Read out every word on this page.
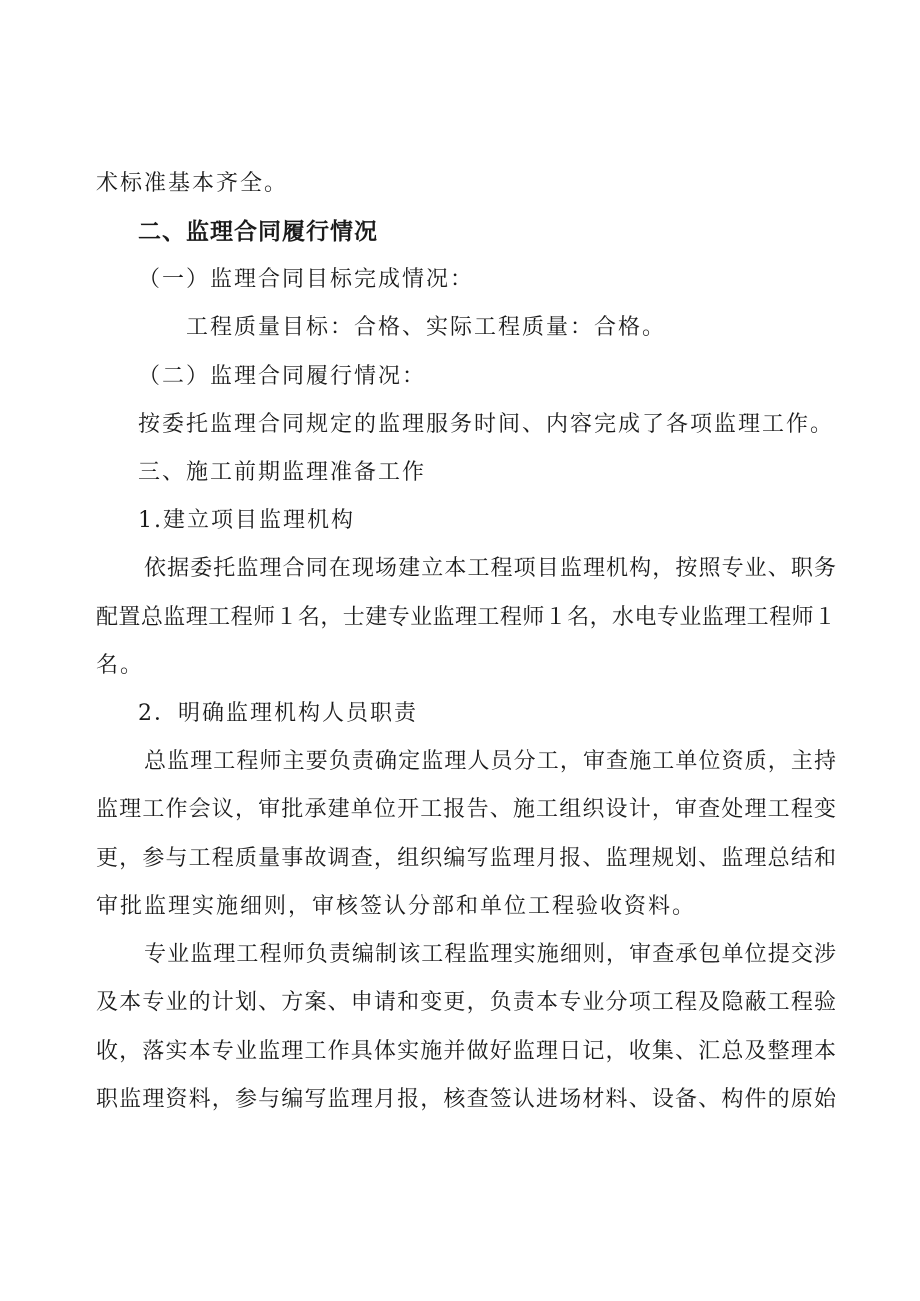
术标准基本齐全。
二、监理合同履行情况
（一）监理合同目标完成情况：
工程质量目标：合格、实际工程质量：合格。
（二）监理合同履行情况：
按委托监理合同规定的监理服务时间、内容完成了各项监理工作。
三、施工前期监理准备工作
1.建立项目监理机构
依据委托监理合同在现场建立本工程项目监理机构，按照专业、职务
配置总监理工程师１名，士建专业监理工程师１名，水电专业监理工程师１
名。
2．明确监理机构人员职责
总监理工程师主要负责确定监理人员分工，审查施工单位资质，主持
监理工作会议，审批承建单位开工报告、施工组织设计，审查处理工程变
更，参与工程质量事故调查，组织编写监理月报、监理规划、监理总结和
审批监理实施细则，审核签认分部和单位工程验收资料。
专业监理工程师负责编制该工程监理实施细则，审查承包单位提交涉
及本专业的计划、方案、申请和变更，负责本专业分项工程及隐蔽工程验
收，落实本专业监理工作具体实施并做好监理日记，收集、汇总及整理本
职监理资料，参与编写监理月报，核查签认进场材料、设备、构件的原始
